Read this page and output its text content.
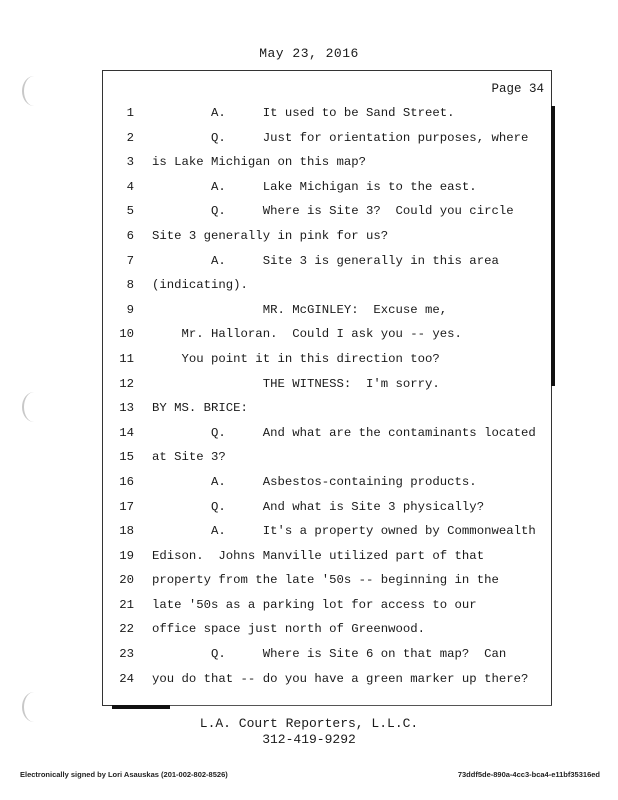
May 23, 2016
Page 34
1 A.     It used to be Sand Street.
2 Q.     Just for orientation purposes, where
3 is Lake Michigan on this map?
4 A.     Lake Michigan is to the east.
5 Q.     Where is Site 3?  Could you circle
6 Site 3 generally in pink for us?
7 A.     Site 3 is generally in this area
8 (indicating).
9 MR. McGINLEY:  Excuse me,
10 Mr. Halloran.  Could I ask you -- yes.
11 You point it in this direction too?
12 THE WITNESS:  I'm sorry.
13 BY MS. BRICE:
14 Q.     And what are the contaminants located
15 at Site 3?
16 A.     Asbestos-containing products.
17 Q.     And what is Site 3 physically?
18 A.     It's a property owned by Commonwealth
19 Edison.  Johns Manville utilized part of that
20 property from the late '50s -- beginning in the
21 late '50s as a parking lot for access to our
22 office space just north of Greenwood.
23 Q.     Where is Site 6 on that map?  Can
24 you do that -- do you have a green marker up there?
L.A. Court Reporters, L.L.C.
312-419-9292
Electronically signed by Lori Asauskas (201-002-802-8526)	73ddf5de-890a-4cc3-bca4-e11bf35316ed
